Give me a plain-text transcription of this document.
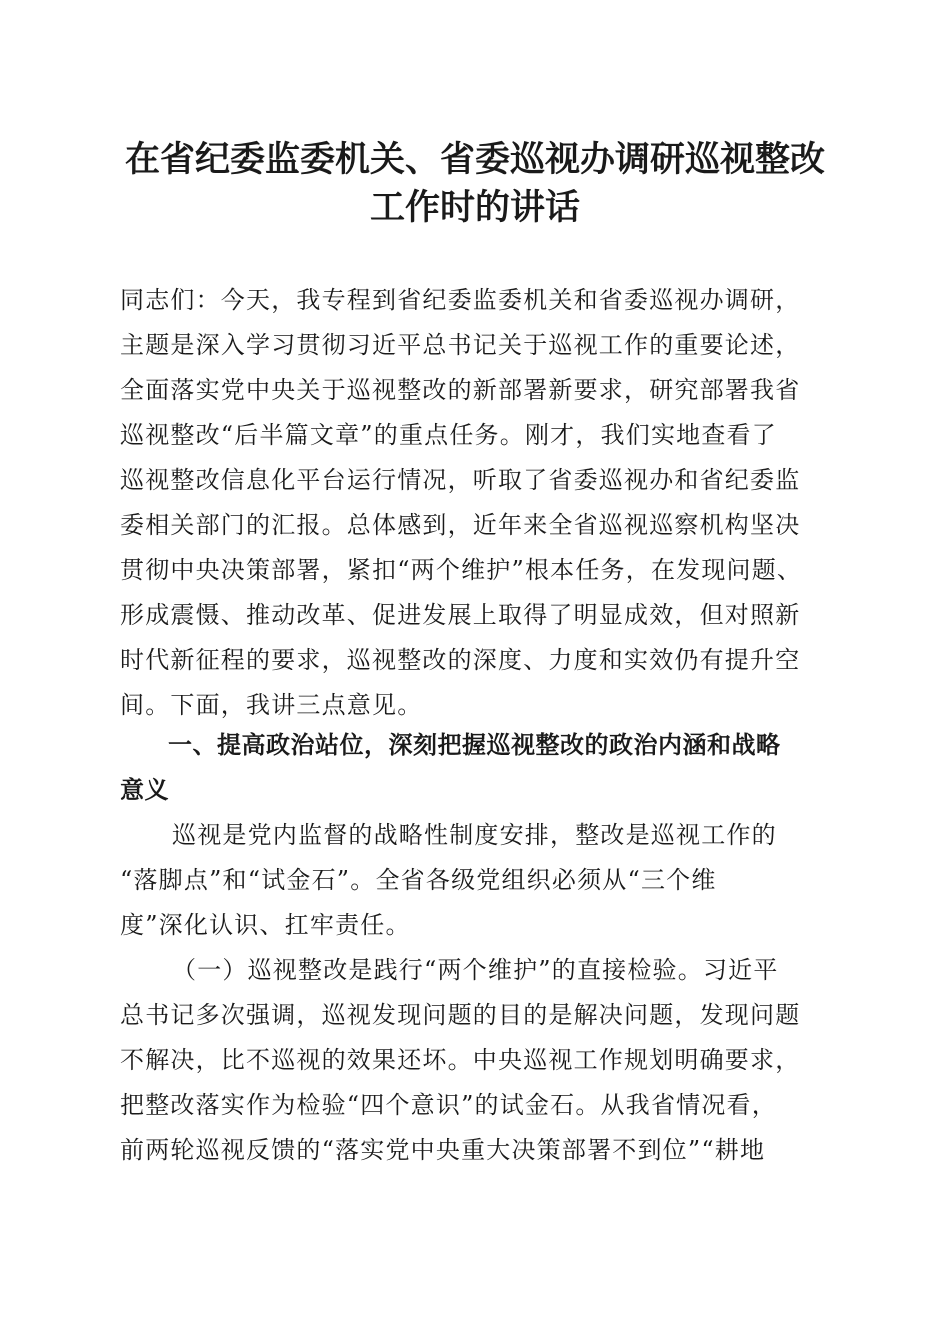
在省纪委监委机关、省委巡视办调研巡视整改
工作时的讲话
同志们：今天，我专程到省纪委监委机关和省委巡视办调研，
主题是深入学习贯彻习近平总书记关于巡视工作的重要论述，
全面落实党中央关于巡视整改的新部署新要求，研究部署我省
巡视整改“后半篇文章”的重点任务。刚才，我们实地查看了
巡视整改信息化平台运行情况，听取了省委巡视办和省纪委监
委相关部门的汇报。总体感到，近年来全省巡视巡察机构坚决
贯彻中央决策部署，紧扣“两个维护”根本任务，在发现问题、
形成震慑、推动改革、促进发展上取得了明显成效，但对照新
时代新征程的要求，巡视整改的深度、力度和实效仍有提升空
间。下面，我讲三点意见。
一、提高政治站位，深刻把握巡视整改的政治内涵和战略
意义
巡视是党内监督的战略性制度安排，整改是巡视工作的
“落脚点”和“试金石”。全省各级党组织必须从“三个维
度”深化认识、扛牢责任。
（一）巡视整改是践行“两个维护”的直接检验。习近平
总书记多次强调，巡视发现问题的目的是解决问题，发现问题
不解决，比不巡视的效果还坏。中央巡视工作规划明确要求，
把整改落实作为检验“四个意识”的试金石。从我省情况看，
前两轮巡视反馈的“落实党中央重大决策部署不到位”“耕地
